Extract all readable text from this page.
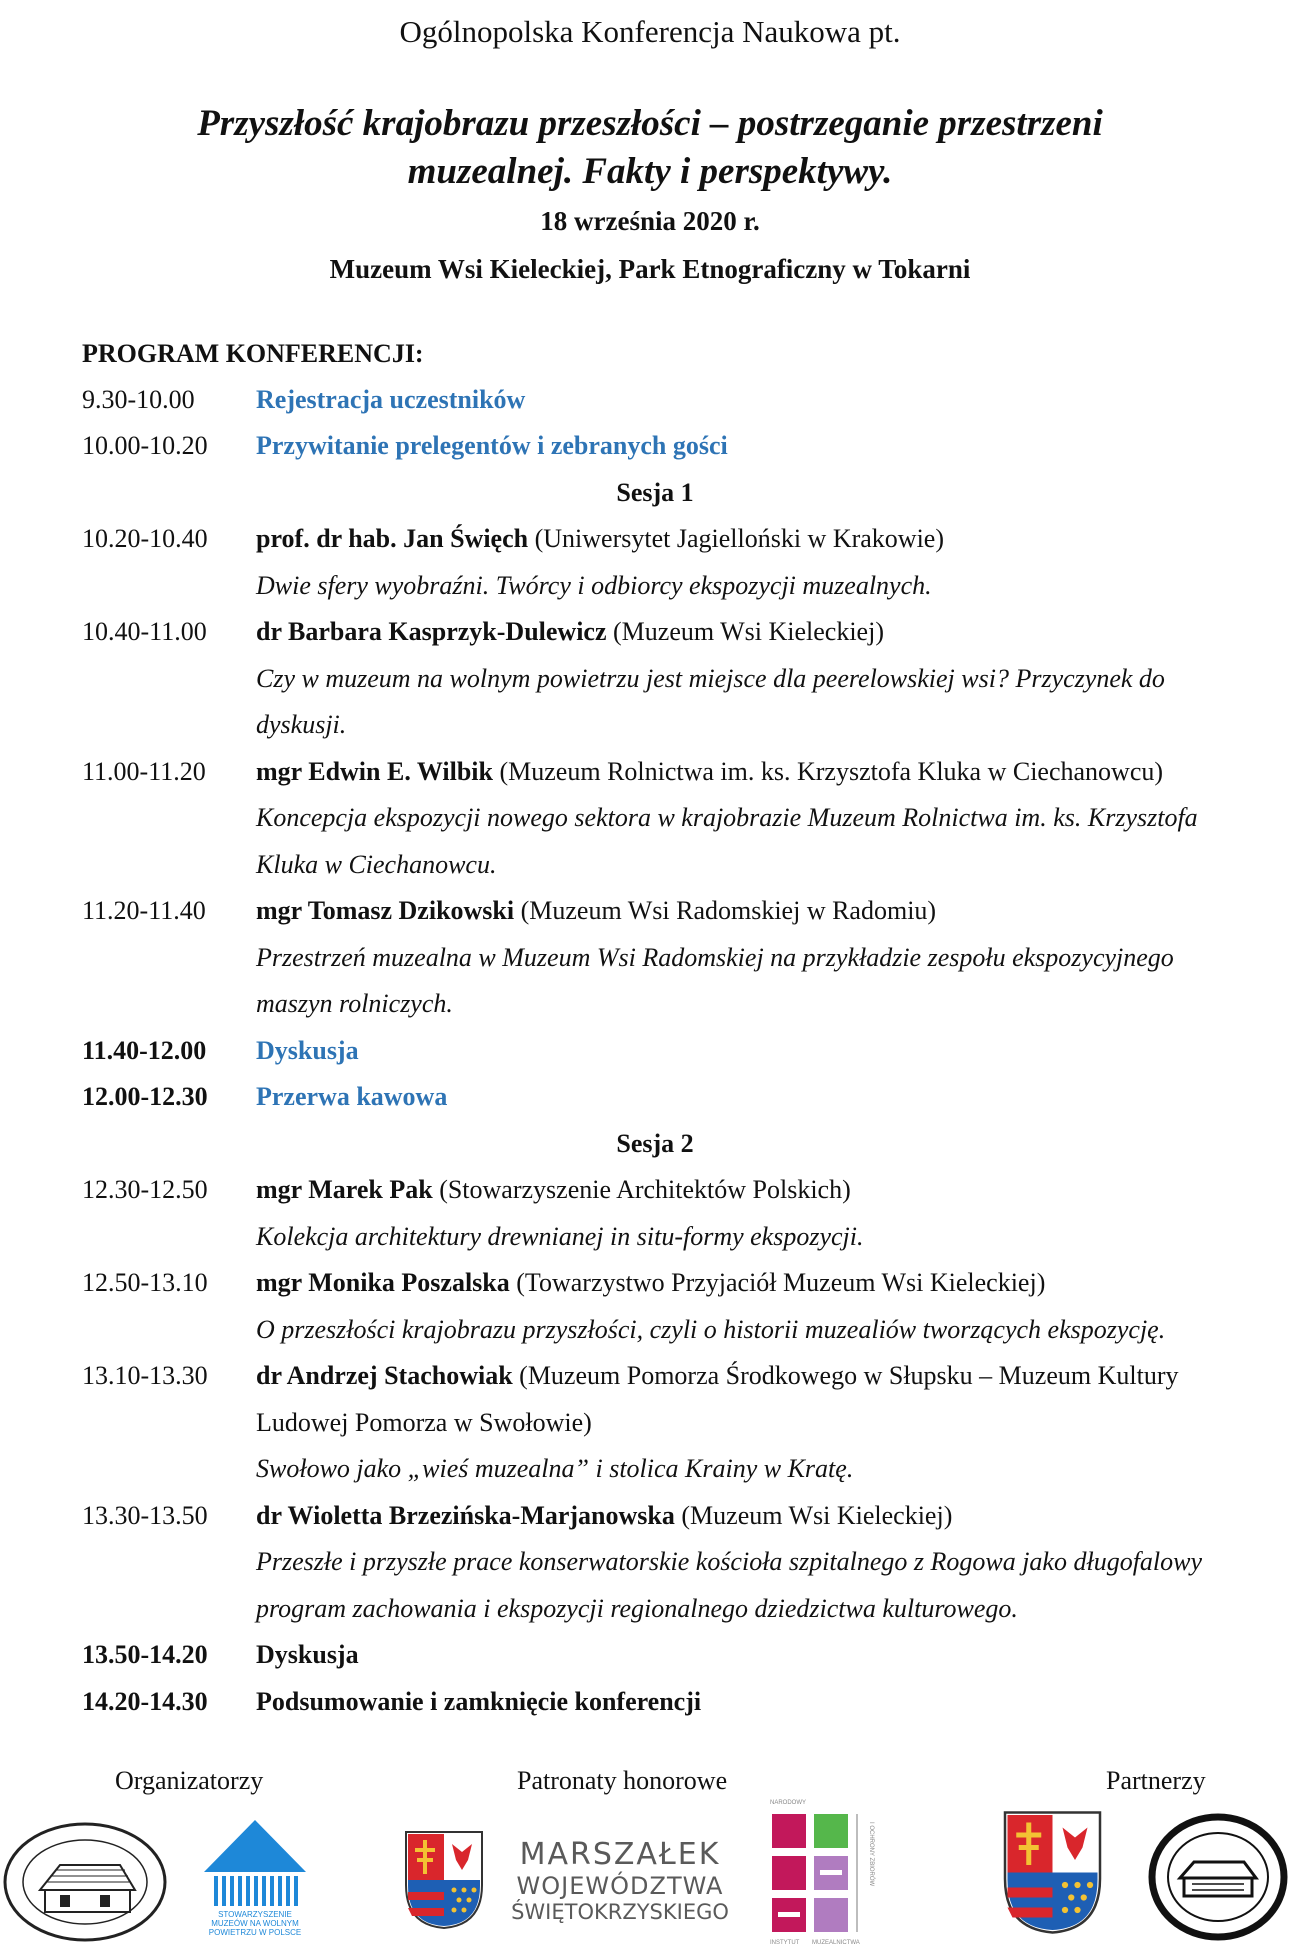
Ogólnopolska Konferencja Naukowa pt.
Przyszłość krajobrazu przeszłości – postrzeganie przestrzeni
muzealnej. Fakty i perspektywy.
18 września 2020 r.
Muzeum Wsi Kieleckiej, Park Etnograficzny w Tokarni
PROGRAM KONFERENCJI:
9.30-10.00 Rejestracja uczestników
10.00-10.20 Przywitanie prelegentów i zebranych gości
Sesja 1
10.20-10.40 prof. dr hab. Jan Święch (Uniwersytet Jagielloński w Krakowie)
Dwie sfery wyobraźni. Twórcy i odbiorcy ekspozycji muzealnych.
10.40-11.00 dr Barbara Kasprzyk-Dulewicz (Muzeum Wsi Kieleckiej)
Czy w muzeum na wolnym powietrzu jest miejsce dla peerelowskiej wsi? Przyczynek do
dyskusji.
11.00-11.20 mgr Edwin E. Wilbik (Muzeum Rolnictwa im. ks. Krzysztofa Kluka w Ciechanowcu)
Koncepcja ekspozycji nowego sektora w krajobrazie Muzeum Rolnictwa im. ks. Krzysztofa
Kluka w Ciechanowcu.
11.20-11.40 mgr Tomasz Dzikowski (Muzeum Wsi Radomskiej w Radomiu)
Przestrzeń muzealna w Muzeum Wsi Radomskiej na przykładzie zespołu ekspozycyjnego
maszyn rolniczych.
11.40-12.00 Dyskusja
12.00-12.30 Przerwa kawowa
Sesja 2
12.30-12.50 mgr Marek Pak (Stowarzyszenie Architektów Polskich)
Kolekcja architektury drewnianej in situ-formy ekspozycji.
12.50-13.10 mgr Monika Poszalska (Towarzystwo Przyjaciół Muzeum Wsi Kieleckiej)
O przeszłości krajobrazu przyszłości, czyli o historii muzealiów tworzących ekspozycję.
13.10-13.30 dr Andrzej Stachowiak (Muzeum Pomorza Środkowego w Słupsku – Muzeum Kultury
Ludowej Pomorza w Swołowie)
Swołowo jako „wieś muzealna” i stolica Krainy w Kratę.
13.30-13.50 dr Wioletta Brzezińska-Marjanowska (Muzeum Wsi Kieleckiej)
Przeszłe i przyszłe prace konserwatorskie kościoła szpitalnego z Rogowa jako długofalowy
program zachowania i ekspozycji regionalnego dziedzictwa kulturowego.
13.50-14.20 Dyskusja
14.20-14.30 Podsumowanie i zamknięcie konferencji
Organizatorzy	Patronaty honorowe	Partnerzy
STOWARZYSZENIE
MUZEÓW NA WOLNYM
POWIETRZU W POLSCE
MARSZAŁEK
WOJEWÓDZTWA
ŚWIĘTOKRZYSKIEGO
NARODOWY
INSTYTUT MUZEALNICTWA
I OCHRONY ZBIORÓW
